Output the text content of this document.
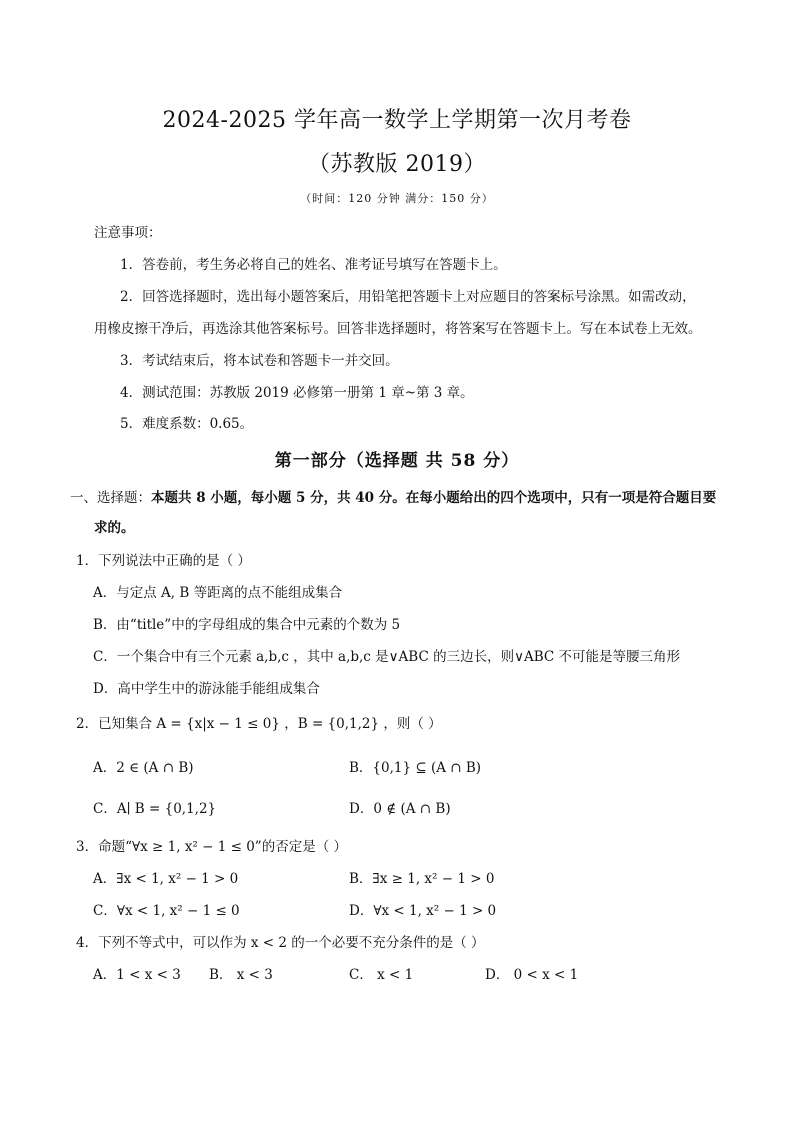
2024-2025 学年高一数学上学期第一次月考卷
（苏教版 2019）
（时间：120 分钟 满分：150 分）
注意事项：
1．答卷前，考生务必将自己的姓名、准考证号填写在答题卡上。
2．回答选择题时，选出每小题答案后，用铅笔把答题卡上对应题目的答案标号涂黑。如需改动，
用橡皮擦干净后，再选涂其他答案标号。回答非选择题时，将答案写在答题卡上。写在本试卷上无效。
3．考试结束后，将本试卷和答题卡一并交回。
4．测试范围：苏教版 2019 必修第一册第 1 章~第 3 章。
5．难度系数：0.65。
第一部分（选择题 共 58 分）
一、选择题：本题共 8 小题，每小题 5 分，共 40 分。在每小题给出的四个选项中，只有一项是符合题目要
求的。
1．下列说法中正确的是（ ）
A．与定点 A, B 等距离的点不能组成集合
B．由“title”中的字母组成的集合中元素的个数为 5
C．一个集合中有三个元素 a,b,c ，其中 a,b,c 是∨ABC 的三边长，则∨ABC 不可能是等腰三角形
D．高中学生中的游泳能手能组成集合
2．已知集合 A = {x|x − 1 ≤ 0} ，B = {0,1,2} ，则（ ）
A．2 ∈ (A ∩ B)	B．{0,1} ⊆ (A ∩ B)
C．A∣ B = {0,1,2}	D．0 ∉ (A ∩ B)
3．命题“∀x ≥ 1, x² − 1 ≤ 0”的否定是（ ）
A．∃x < 1, x² − 1 > 0	B．∃x ≥ 1, x² − 1 > 0
C．∀x < 1, x² − 1 ≤ 0	D．∀x < 1, x² − 1 > 0
4．下列不等式中，可以作为 x < 2 的一个必要不充分条件的是（ ）
A．1 < x < 3 B． x < 3	C． x < 1	D． 0 < x < 1
